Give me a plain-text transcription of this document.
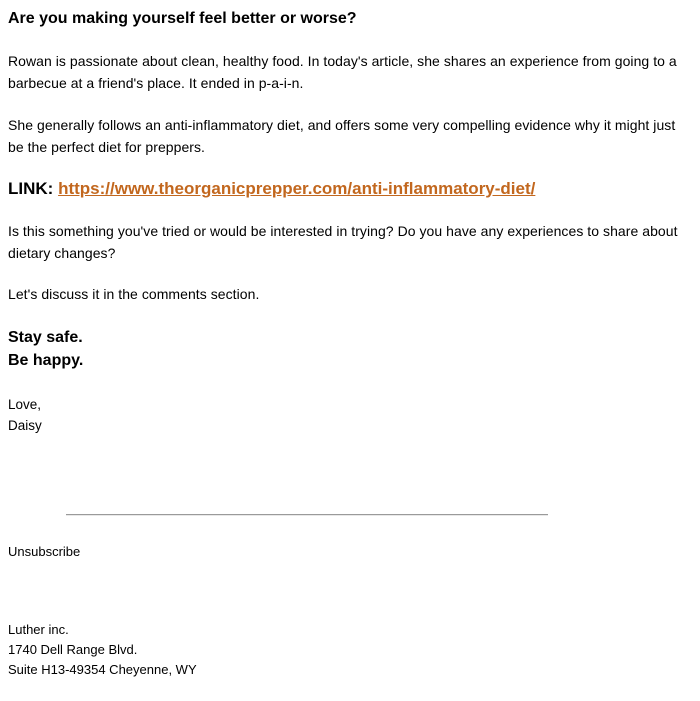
Are you making yourself feel better or worse?

Rowan is passionate about clean, healthy food. In today's article, she shares an experience from going to a barbecue at a friend's place. It ended in p-a-i-n.

She generally follows an anti-inflammatory diet, and offers some very compelling evidence why it might just be the perfect diet for preppers.

LINK: https://www.theorganicprepper.com/anti-inflammatory-diet/

Is this something you've tried or would be interested in trying? Do you have any experiences to share about dietary changes?

Let's discuss it in the comments section.

Stay safe.
Be happy.
Love,
Daisy
Unsubscribe
Luther inc.
1740 Dell Range Blvd.
Suite H13-49354 Cheyenne, WY
